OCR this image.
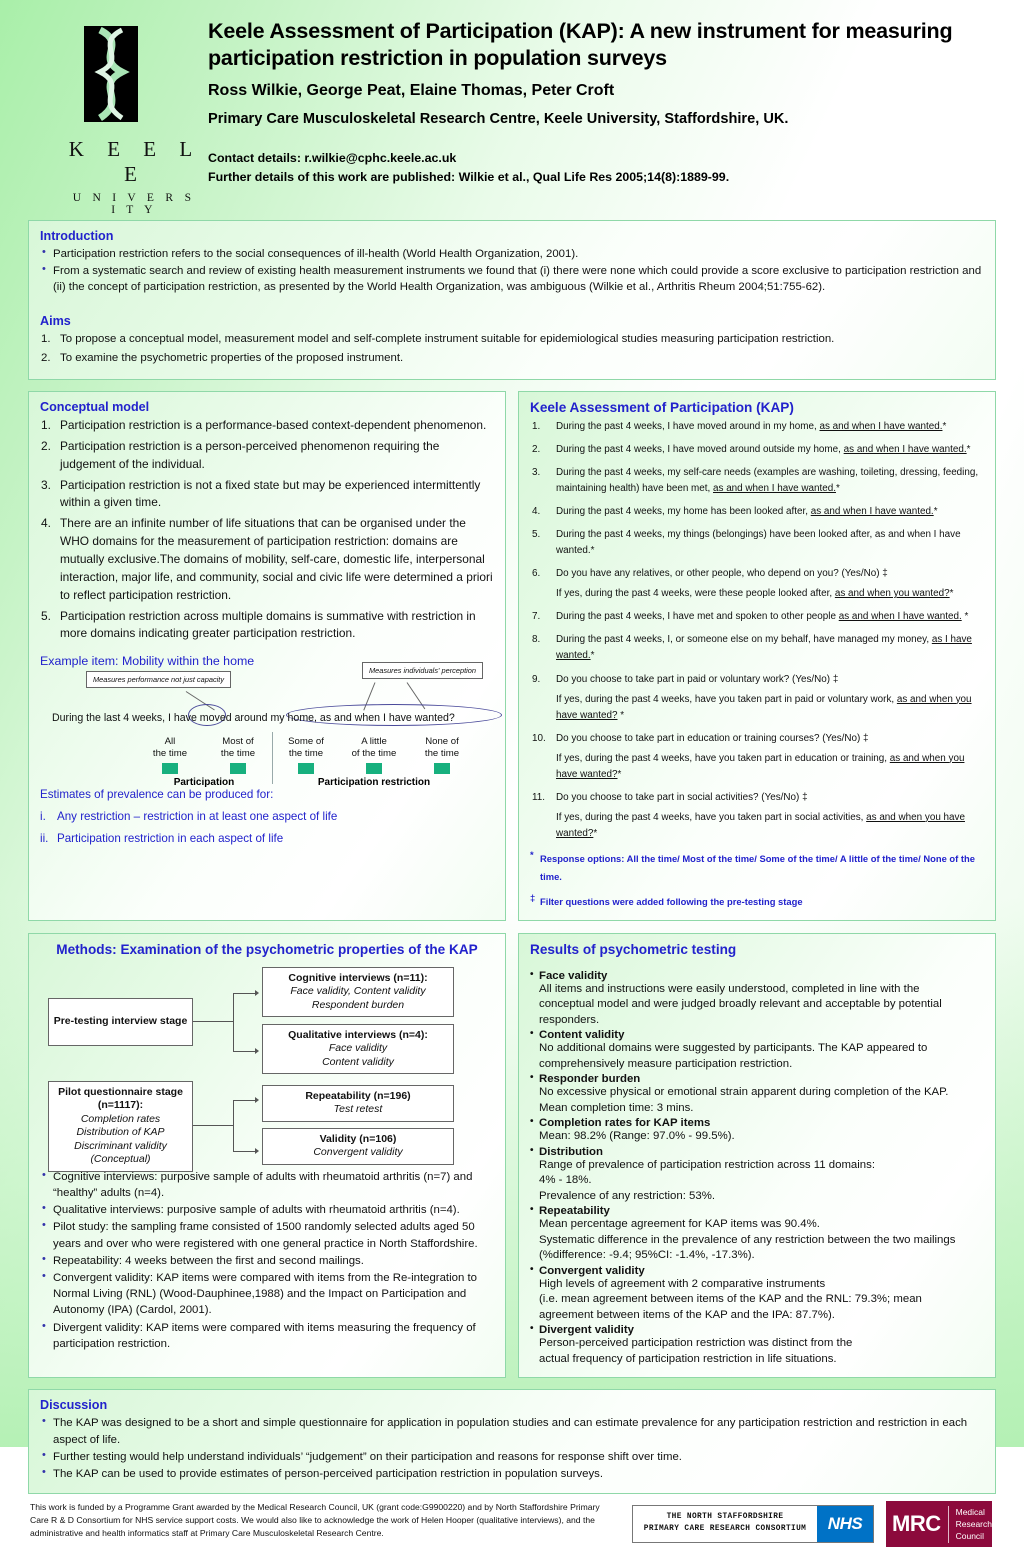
K E E L E
U N I V E R S I T Y
Keele Assessment of Participation (KAP): A new instrument for measuring participation restriction in population surveys
Ross Wilkie, George Peat, Elaine Thomas, Peter Croft
Primary Care Musculoskeletal Research Centre, Keele University, Staffordshire, UK.
Contact details: r.wilkie@cphc.keele.ac.uk
Further details of this work are published: Wilkie et al., Qual Life Res 2005;14(8):1889-99.
Introduction
• Participation restriction refers to the social consequences of ill-health (World Health Organization, 2001).
• From a systematic search and review of existing health measurement instruments we found that (i) there were none which could provide a score exclusive to participation restriction and (ii) the concept of participation restriction, as presented by the World Health Organization, was ambiguous (Wilkie et al., Arthritis Rheum 2004;51:755-62).
Aims
To propose a conceptual model, measurement model and self-complete instrument suitable for epidemiological studies measuring participation restriction.
To examine the psychometric properties of the proposed instrument.
Conceptual model
Participation restriction is a performance-based context-dependent phenomenon.
Participation restriction is a person-perceived phenomenon requiring the judgement of the individual.
Participation restriction is not a fixed state but may be experienced intermittently within a given time.
There are an infinite number of life situations that can be organised under the WHO domains for the measurement of participation restriction: domains are mutually exclusive.The domains of mobility, self-care, domestic life, interpersonal interaction, major life, and community, social and civic life were determined a priori to reflect participation restriction.
Participation restriction across multiple domains is summative with restriction in more domains indicating greater participation restriction.
Example item: Mobility within the home
Measures performance not just capacity
Measures individuals' perception
During the last 4 weeks, I have moved around my home, as and when I have wanted?
All
the time
Most of
the time
Some of
the time
A little
of the time
None of
the time
Participation	Participation restriction
Estimates of prevalence can be produced for:
i. Any restriction – restriction in at least one aspect of life
ii. Participation restriction in each aspect of life
Keele Assessment of Participation (KAP)
During the past 4 weeks, I have moved around in my home, as and when I have wanted.*
During the past 4 weeks, I have moved around outside my home, as and when I have wanted.*
During the past 4 weeks, my self-care needs (examples are washing, toileting, dressing, feeding, maintaining health) have been met, as and when I have wanted.*
During the past 4 weeks, my home has been looked after, as and when I have wanted.*
During the past 4 weeks, my things (belongings) have been looked after, as and when I have wanted.*
Do you have any relatives, or other people, who depend on you? (Yes/No) ‡
If yes, during the past 4 weeks, were these people looked after, as and when you wanted?*
During the past 4 weeks, I have met and spoken to other people as and when I have wanted. *
During the past 4 weeks, I, or someone else on my behalf, have managed my money, as I have wanted.*
Do you choose to take part in paid or voluntary work? (Yes/No) ‡
If yes, during the past 4 weeks, have you taken part in paid or voluntary work, as and when you have wanted? *
Do you choose to take part in education or training courses? (Yes/No) ‡
If yes, during the past 4 weeks, have you taken part in education or training, as and when you have wanted?*
Do you choose to take part in social activities? (Yes/No) ‡
If yes, during the past 4 weeks, have you taken part in social activities, as and when you have wanted?*
* Response options: All the time/ Most of the time/ Some of the time/ A little of the time/ None of the time.
‡ Filter questions were added following the pre-testing stage
Methods: Examination of the psychometric properties of the KAP
Pre-testing interview stage
Cognitive interviews (n=11):
Face validity, Content validity
Respondent burden
Qualitative interviews (n=4):
Face validity
Content validity
Pilot questionnaire stage (n=1117):
Completion rates
Distribution of KAP
Discriminant validity
(Conceptual)
Repeatability (n=196)
Test retest
Validity (n=106)
Convergent validity
• Cognitive interviews: purposive sample of adults with rheumatoid arthritis (n=7) and “healthy” adults (n=4).
• Qualitative interviews: purposive sample of adults with rheumatoid arthritis (n=4).
• Pilot study: the sampling frame consisted of 1500 randomly selected adults aged 50 years and over who were registered with one general practice in North Staffordshire.
• Repeatability: 4 weeks between the first and second mailings.
• Convergent validity: KAP items were compared with items from the Re-integration to Normal Living (RNL) (Wood-Dauphinee,1988) and the Impact on Participation and Autonomy (IPA) (Cardol, 2001).
• Divergent validity: KAP items were compared with items measuring the frequency of participation restriction.
Results of psychometric testing
• Face validity
All items and instructions were easily understood, completed in line with the
conceptual model and were judged broadly relevant and acceptable by potential
responders.
• Content validity
No additional domains were suggested by participants. The KAP appeared to
comprehensively measure participation restriction.
• Responder burden
No excessive physical or emotional strain apparent during completion of the KAP.
Mean completion time: 3 mins.
• Completion rates for KAP items
Mean: 98.2% (Range: 97.0% - 99.5%).
• Distribution
Range of prevalence of participation restriction across 11 domains:
4% - 18%.
Prevalence of any restriction: 53%.
• Repeatability
Mean percentage agreement for KAP items was 90.4%.
Systematic difference in the prevalence of any restriction between the two mailings
(%difference: -9.4; 95%CI: -1.4%, -17.3%).
• Convergent validity
High levels of agreement with 2 comparative instruments
(i.e. mean agreement between items of the KAP and the RNL: 79.3%; mean
agreement between items of the KAP and the IPA: 87.7%).
• Divergent validity
Person-perceived participation restriction was distinct from the
actual frequency of participation restriction in life situations.
Discussion
• The KAP was designed to be a short and simple questionnaire for application in population studies and can estimate prevalence for any participation restriction and restriction in each aspect of life.
• Further testing would help understand individuals’ “judgement” on their participation and reasons for response shift over time.
• The KAP can be used to provide estimates of person-perceived participation restriction in population surveys.
This work is funded by a Programme Grant awarded by the Medical Research Council, UK (grant code:G9900220) and by North Staffordshire Primary Care R & D Consortium for NHS service support costs. We would also like to acknowledge the work of Helen Hooper (qualitative interviews), and the administrative and health informatics staff at Primary Care Musculoskeletal Research Centre.
THE NORTH STAFFORDSHIRE
PRIMARY CARE RESEARCH CONSORTIUM	NHS	MRC	Medical
Research
Council
